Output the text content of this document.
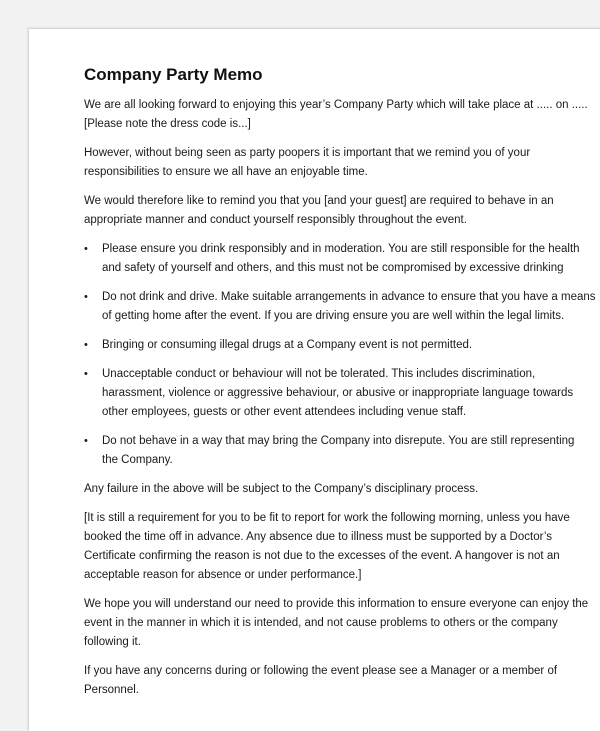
Company Party Memo

We are all looking forward to enjoying this year’s Company Party which will take place at ..... on .....
[Please note the dress code is...]

However, without being seen as party poopers it is important that we remind you of your
responsibilities to ensure we all have an enjoyable time.

We would therefore like to remind you that you [and your guest] are required to behave in an
appropriate manner and conduct yourself responsibly throughout the event.

•	Please ensure you drink responsibly and in moderation. You are still responsible for the health
and safety of yourself and others, and this must not be compromised by excessive drinking
•	Do not drink and drive. Make suitable arrangements in advance to ensure that you have a means
of getting home after the event. If you are driving ensure you are well within the legal limits.
•	Bringing or consuming illegal drugs at a Company event is not permitted.
•	Unacceptable conduct or behaviour will not be tolerated. This includes discrimination,
harassment, violence or aggressive behaviour, or abusive or inappropriate language towards
other employees, guests or other event attendees including venue staff.
•	Do not behave in a way that may bring the Company into disrepute. You are still representing
the Company.

Any failure in the above will be subject to the Company’s disciplinary process.

[It is still a requirement for you to be fit to report for work the following morning, unless you have
booked the time off in advance. Any absence due to illness must be supported by a Doctor’s
Certificate confirming the reason is not due to the excesses of the event. A hangover is not an
acceptable reason for absence or under performance.]

We hope you will understand our need to provide this information to ensure everyone can enjoy the
event in the manner in which it is intended, and not cause problems to others or the company
following it.

If you have any concerns during or following the event please see a Manager or a member of
Personnel.
